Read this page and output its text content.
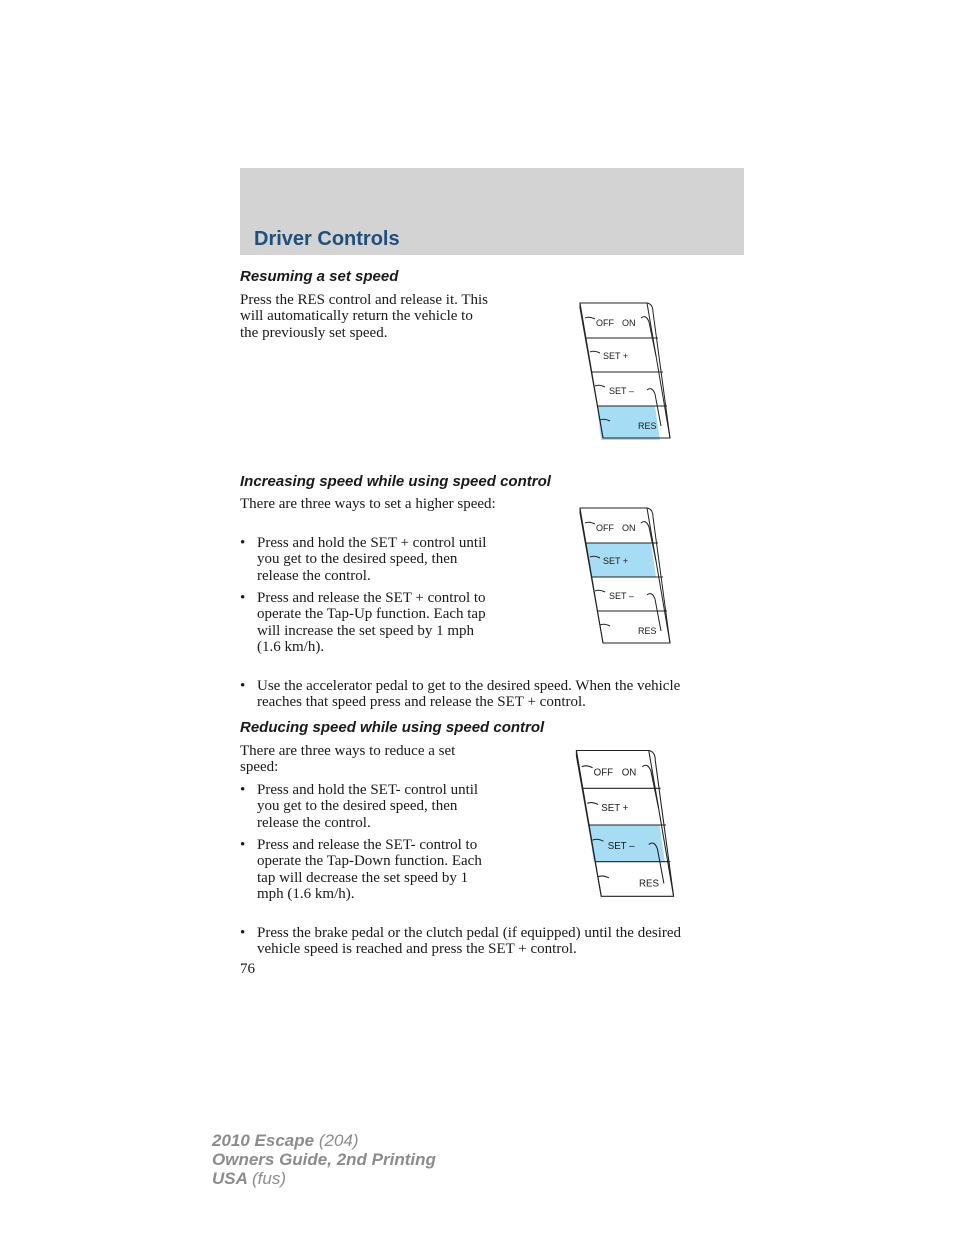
Driver Controls
Resuming a set speed

Press the RES control and release it. This will automatically return the vehicle to the previously set speed.

OFF ON
SET +
SET –
RES
Increasing speed while using speed control

There are three ways to set a higher speed:

• Press and hold the SET + control until you get to the desired speed, then release the control.
• Press and release the SET + control to operate the Tap-Up function. Each tap will increase the set speed by 1 mph (1.6 km/h).
• Use the accelerator pedal to get to the desired speed. When the vehicle reaches that speed press and release the SET + control.
OFF ON
SET +
SET –
RES
Reducing speed while using speed control

There are three ways to reduce a set speed:

• Press and hold the SET- control until you get to the desired speed, then release the control.
• Press and release the SET- control to operate the Tap-Down function. Each tap will decrease the set speed by 1 mph (1.6 km/h).
• Press the brake pedal or the clutch pedal (if equipped) until the desired vehicle speed is reached and press the SET + control.
OFF ON
SET +
SET –
RES
76
2010 Escape (204)
Owners Guide, 2nd Printing
USA (fus)
